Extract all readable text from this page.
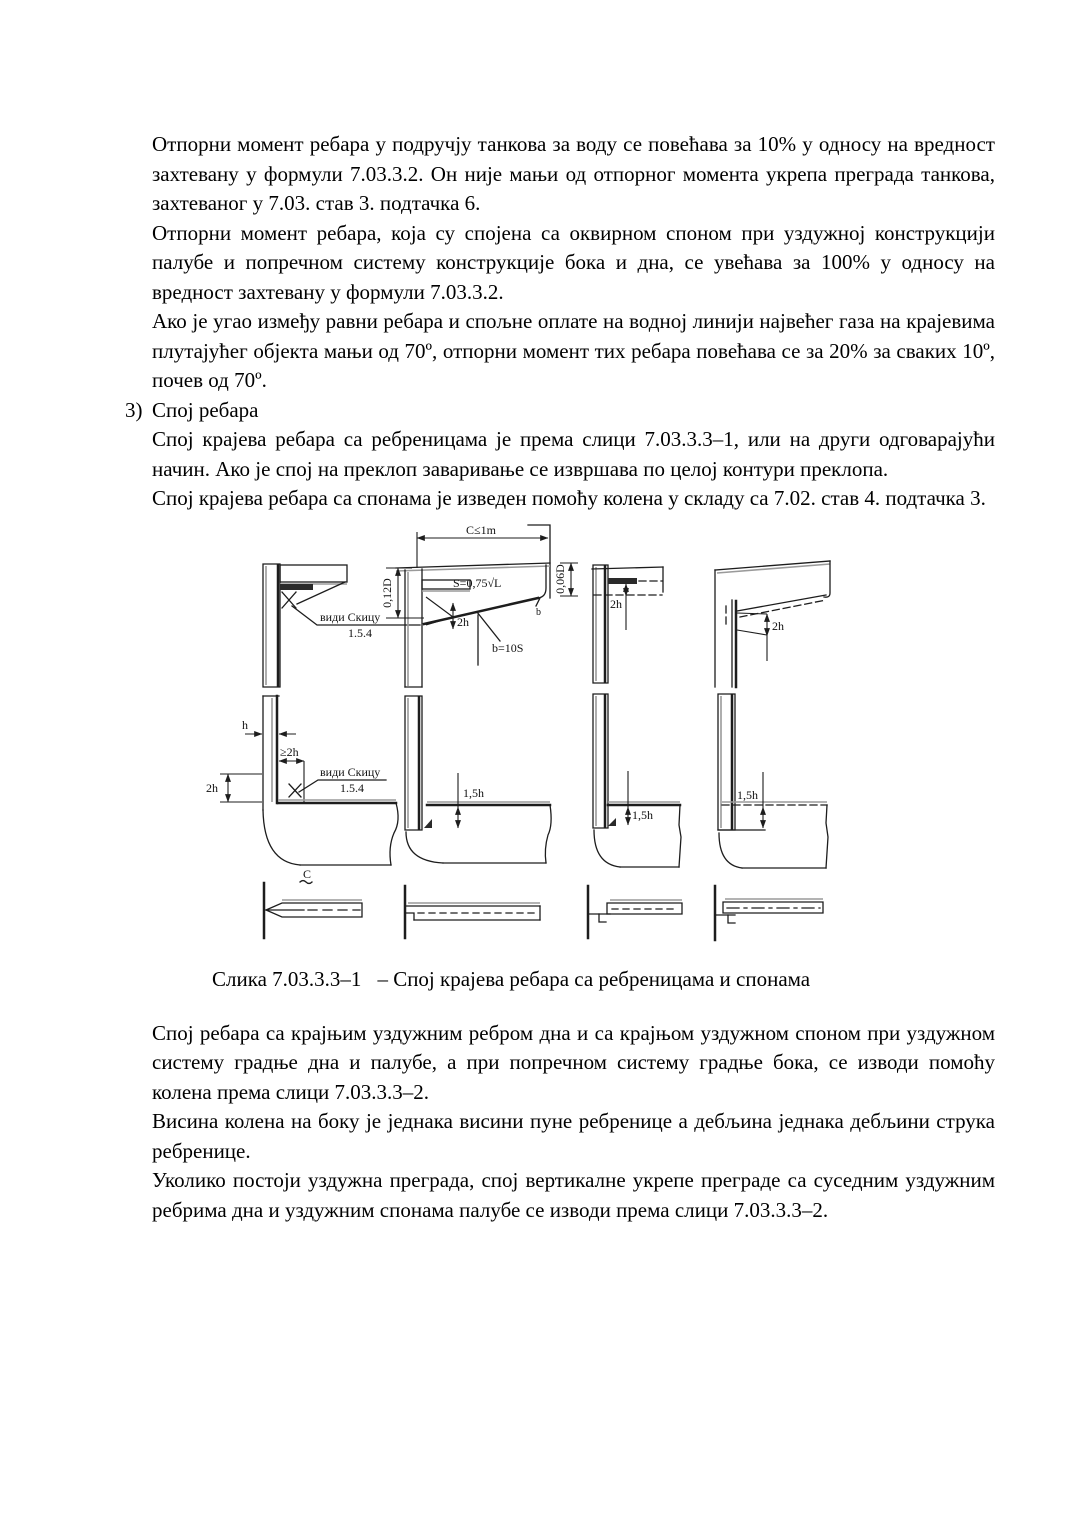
Отпорни момент ребара у подручју танкова за воду се повећава за 10% у односу на вредност захтевану у формули 7.03.3.2. Он није мањи од отпорног момента укрепа преграда танкова, захтеваног у 7.03. став 3. подтачка 6.

Отпорни момент ребара, која су спојена са оквирном споном при уздужној конструкцији палубе и попречном систему конструкције бока и дна, се увећава за 100% у односу на вредност захтевану у формули 7.03.3.2.

Ако је угао између равни ребара и спољне оплате на водној линији највећег газа на крајевима плутајућег објекта мањи од 70º, отпорни момент тих ребара повећава се за 20% за сваких 10º, почев од 70º.

3) Спој ребара

Спој крајева ребара са ребреницама је према слици 7.03.3.3–1, или на други одговарајући начин. Ако је спој на преклоп заваривање се извршава по целој контури преклопа.

Спој крајева ребара са спонама је изведен помоћу колена у складу са 7.02. став 4. подтачка 3.

види Скицу
1.5.4
C≤1m
0,12D	0,06D
2h
b=10S
b
S=0,75√L
2h
2h
h
≥2h
2h
види Скицу
1.5.4
C
1,5h
1,5h
1,5h
Слика 7.03.3.3–1 – Спој крајева ребара са ребреницама и спонама

Спој ребара са крајњим уздужним ребром дна и са крајњом уздужном споном при уздужном систему градње дна и палубе, а при попречном систему градње бока, се изводи помоћу колена према слици 7.03.3.3–2.

Висина колена на боку је једнака висини пуне ребренице а дебљина једнака дебљини струка ребренице.

Уколико постоји уздужна преграда, спој вертикалне укрепе преграде са суседним уздужним ребрима дна и уздужним спонама палубе се изводи према слици 7.03.3.3–2.
